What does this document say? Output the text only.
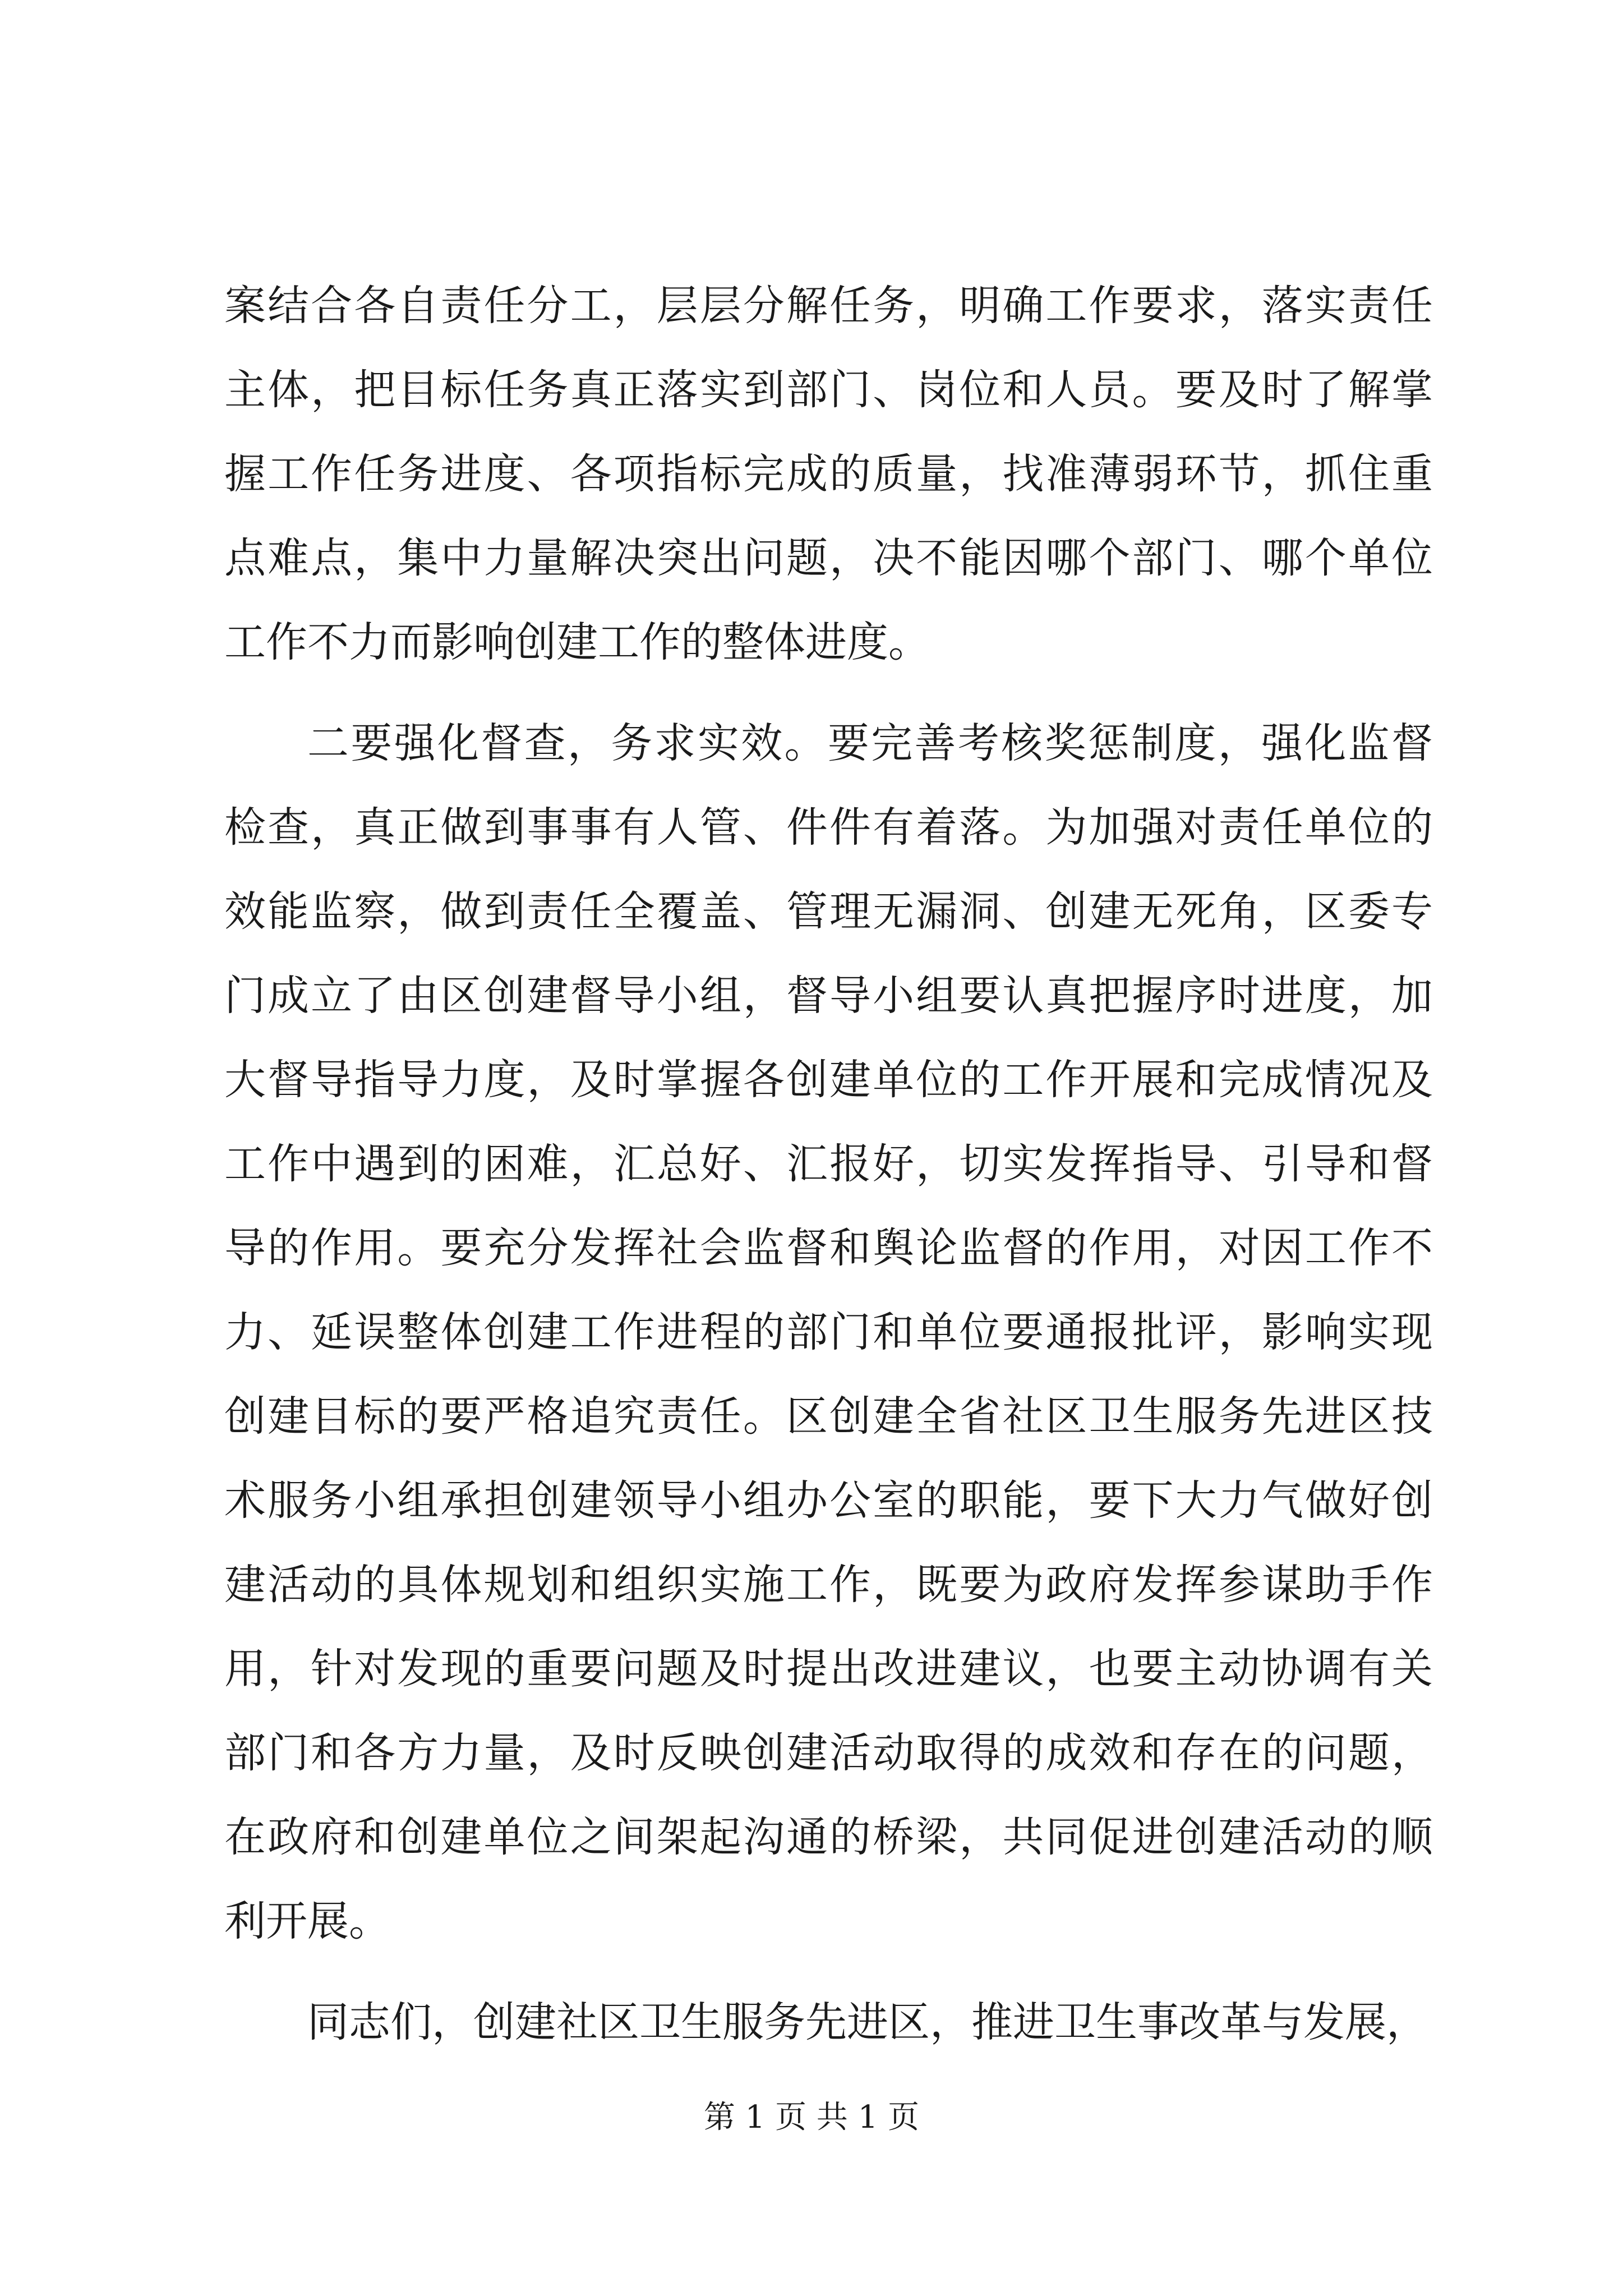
案结合各自责任分工，层层分解任务，明确工作要求，落实责任
主体，把目标任务真正落实到部门、岗位和人员。要及时了解掌
握工作任务进度、各项指标完成的质量，找准薄弱环节，抓住重
点难点，集中力量解决突出问题，决不能因哪个部门、哪个单位
工作不力而影响创建工作的整体进度。
二要强化督查，务求实效。要完善考核奖惩制度，强化监督
检查，真正做到事事有人管、件件有着落。为加强对责任单位的
效能监察，做到责任全覆盖、管理无漏洞、创建无死角，区委专
门成立了由区创建督导小组，督导小组要认真把握序时进度，加
大督导指导力度，及时掌握各创建单位的工作开展和完成情况及
工作中遇到的困难，汇总好、汇报好，切实发挥指导、引导和督
导的作用。要充分发挥社会监督和舆论监督的作用，对因工作不
力、延误整体创建工作进程的部门和单位要通报批评，影响实现
创建目标的要严格追究责任。区创建全省社区卫生服务先进区技
术服务小组承担创建领导小组办公室的职能，要下大力气做好创
建活动的具体规划和组织实施工作，既要为政府发挥参谋助手作
用，针对发现的重要问题及时提出改进建议，也要主动协调有关
部门和各方力量，及时反映创建活动取得的成效和存在的问题，
在政府和创建单位之间架起沟通的桥梁，共同促进创建活动的顺
利开展。
同志们，创建社区卫生服务先进区，推进卫生事改革与发展，
第 1 页 共 1 页
